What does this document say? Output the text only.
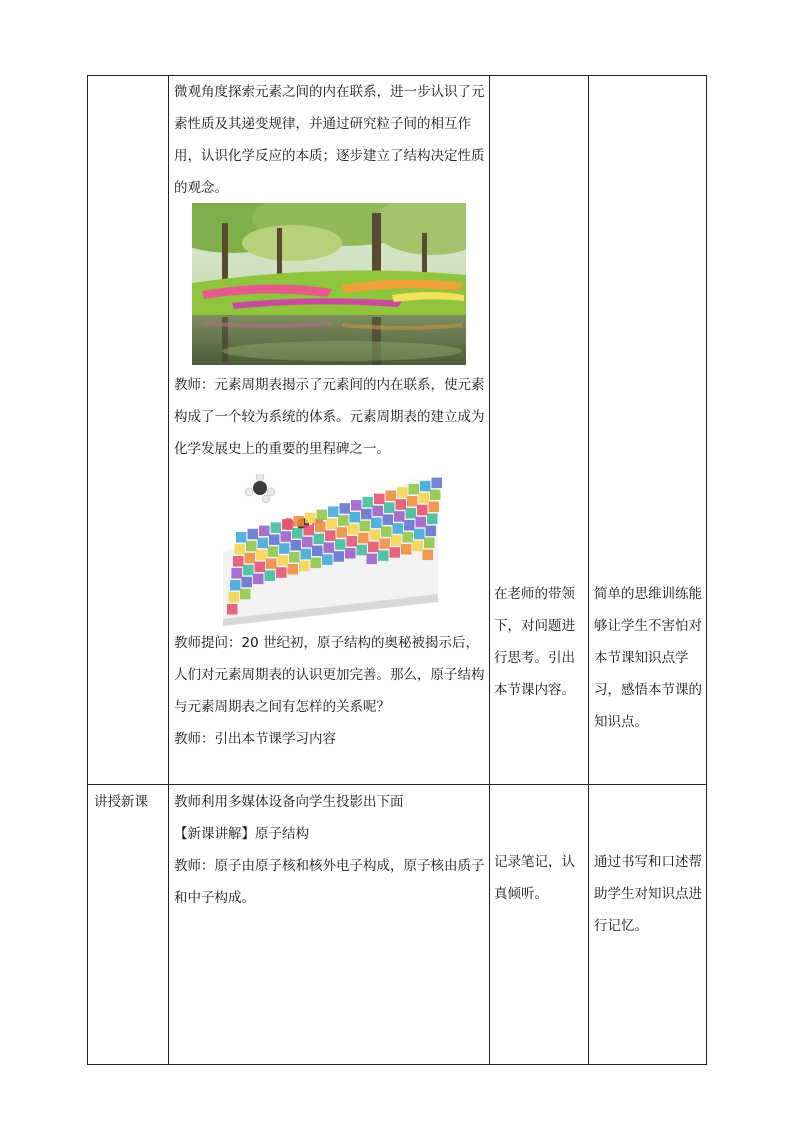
微观角度探索元素之间的内在联系，进一步认识了元素性质及其递变规律，并通过研究粒子间的相互作用，认识化学反应的本质；逐步建立了结构决定性质的观念。
教师：元素周期表揭示了元素间的内在联系，使元素构成了一个较为系统的体系。元素周期表的建立成为化学发展史上的重要的里程碑之一。
教师提问：20 世纪初，原子结构的奥秘被揭示后，人们对元素周期表的认识更加完善。那么，原子结构与元素周期表之间有怎样的关系呢？
教师：引出本节课学习内容
在老师的带领下，对问题进行思考。引出本节课内容。
简单的思维训练能够让学生不害怕对本节课知识点学习，感悟本节课的知识点。
讲授新课	教师利用多媒体设备向学生投影出下面
【新课讲解】原子结构
教师：原子由原子核和核外电子构成，原子核由质子和中子构成。
记录笔记，认真倾听。
通过书写和口述帮助学生对知识点进行记忆。
